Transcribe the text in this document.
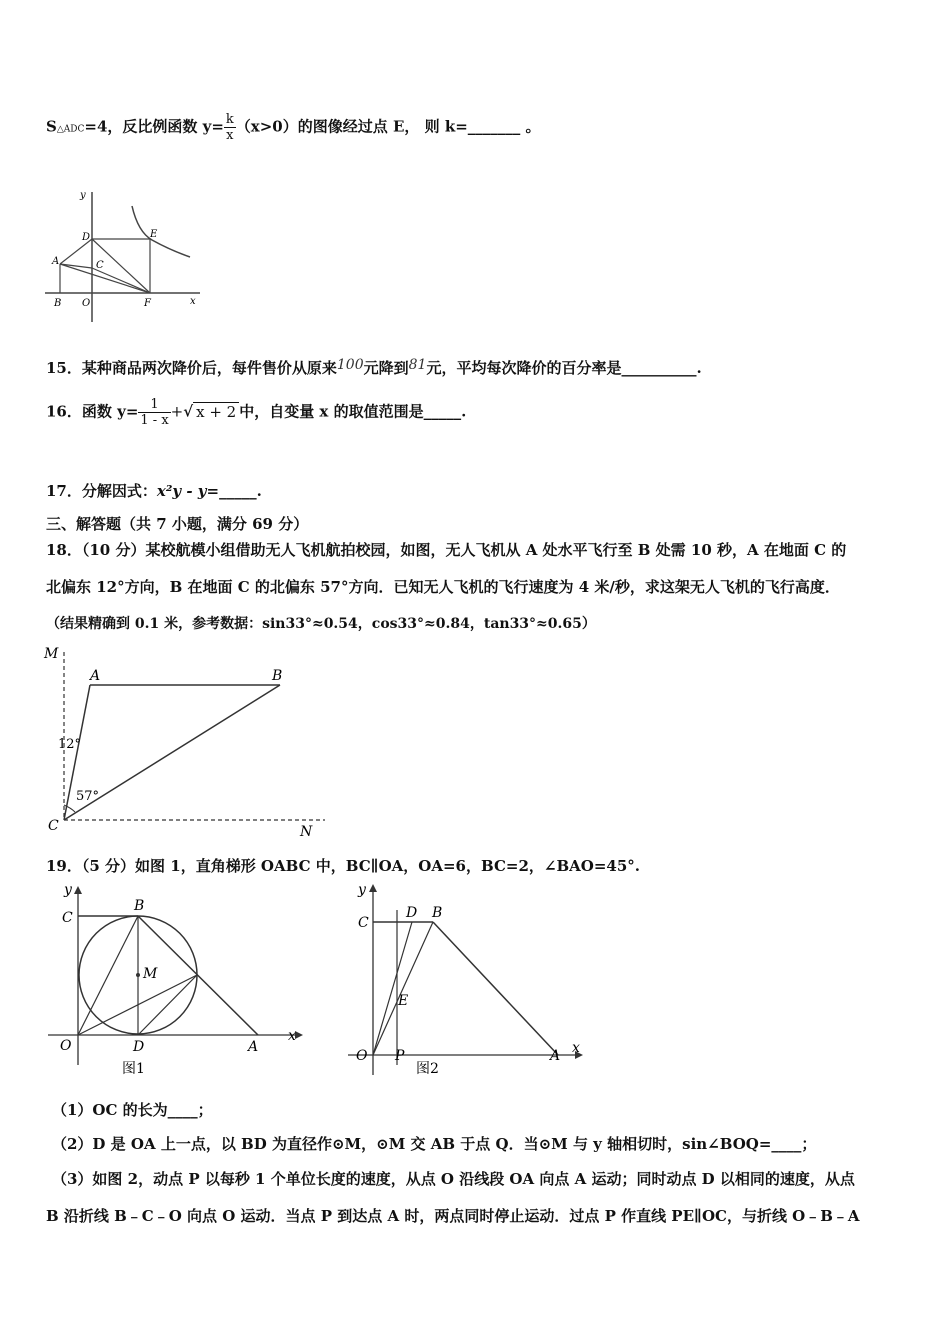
S△ADC=4，反比例函数 $y= \frac{k}{x} (x>0)$的图像经过点 E， 则 k=_______ 。
y
x
D	E
A	C
B O	F
15．某种商品两次降价后，每件售价从原来100元降到81元，平均每次降价的百分率是__________.
16．函数 $y= \frac{1}{1 - x}$ +√ x + 2 中，自变量 x 的取值范围是_____.
17．分解因式：x²y - y=_____.
三、解答题（共 7 小题，满分 69 分）
18．（10 分）某校航模小组借助无人飞机航拍校园，如图，无人飞机从 A 处水平飞行至 B 处需 10 秒，A 在地面 C 的
北偏东 12°方向，B 在地面 C 的北偏东 57°方向．已知无人飞机的飞行速度为 4 米/秒，求这架无人飞机的飞行高度．
（结果精确到 0.1 米，参考数据：sin33°≈0.54，cos33°≈0.84，tan33°≈0.65）
M
A	B
C	N
12°
57°
19．（5 分）如图 1，直角梯形 OABC 中，BC∥OA，OA=6，BC=2，∠BAO=45°.
y
C
B
M
O	D	A
x
图1
y
C
D B
E
O P	A x
图2
（1）OC 的长为____；
（2）D 是 OA 上一点，以 BD 为直径作⊙M，⊙M 交 AB 于点 Q．当⊙M 与 y 轴相切时，sin∠BOQ=____；
（3）如图 2，动点 P 以每秒 1 个单位长度的速度，从点 O 沿线段 OA 向点 A 运动；同时动点 D 以相同的速度，从点
B 沿折线 B﹣C﹣O 向点 O 运动．当点 P 到达点 A 时，两点同时停止运动．过点 P 作直线 PE∥OC，与折线 O﹣B﹣A
